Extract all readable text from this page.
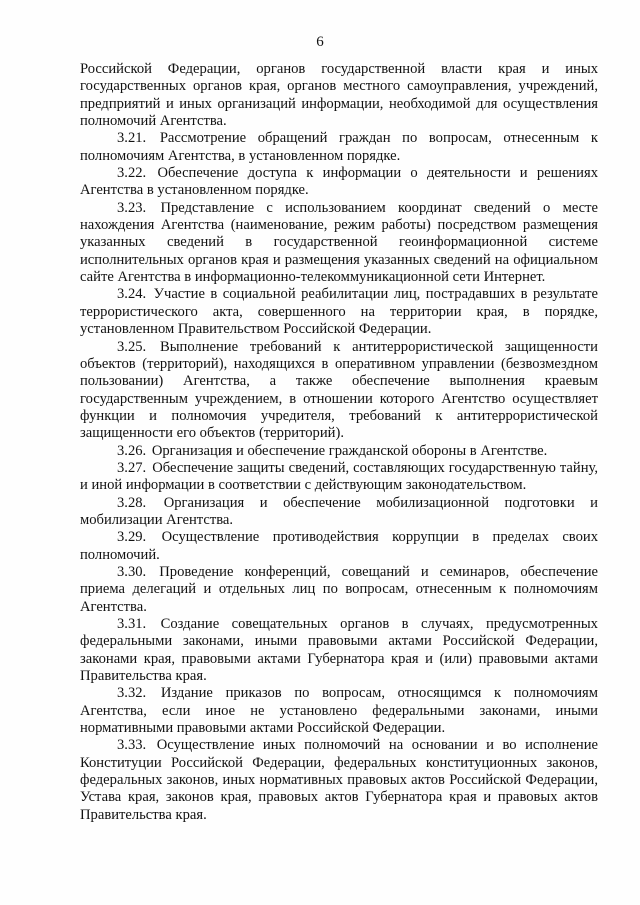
6

Российской Федерации, органов государственной власти края и иных государственных органов края, органов местного самоуправления, учреждений, предприятий и иных организаций информации, необходимой для осуществления полномочий Агентства.

3.21. Рассмотрение обращений граждан по вопросам, отнесенным к полномочиям Агентства, в установленном порядке.

3.22. Обеспечение доступа к информации о деятельности и решениях Агентства в установленном порядке.

3.23. Представление с использованием координат сведений о месте нахождения Агентства (наименование, режим работы) посредством размещения указанных сведений в государственной геоинформационной системе исполнительных органов края и размещения указанных сведений на официальном сайте Агентства в информационно-телекоммуникационной сети Интернет.

3.24. Участие в социальной реабилитации лиц, пострадавших в результате террористического акта, совершенного на территории края, в порядке, установленном Правительством Российской Федерации.

3.25. Выполнение требований к антитеррористической защищенности объектов (территорий), находящихся в оперативном управлении (безвозмездном пользовании) Агентства, а также обеспечение выполнения краевым государственным учреждением, в отношении которого Агентство осуществляет функции и полномочия учредителя, требований к антитеррористической защищенности его объектов (территорий).

3.26. Организация и обеспечение гражданской обороны в Агентстве.

3.27. Обеспечение защиты сведений, составляющих государственную тайну, и иной информации в соответствии с действующим законодательством.

3.28. Организация и обеспечение мобилизационной подготовки и мобилизации Агентства.

3.29. Осуществление противодействия коррупции в пределах своих полномочий.

3.30. Проведение конференций, совещаний и семинаров, обеспечение приема делегаций и отдельных лиц по вопросам, отнесенным к полномочиям Агентства.

3.31. Создание совещательных органов в случаях, предусмотренных федеральными законами, иными правовыми актами Российской Федерации, законами края, правовыми актами Губернатора края и (или) правовыми актами Правительства края.

3.32. Издание приказов по вопросам, относящимся к полномочиям Агентства, если иное не установлено федеральными законами, иными нормативными правовыми актами Российской Федерации.

3.33. Осуществление иных полномочий на основании и во исполнение Конституции Российской Федерации, федеральных конституционных законов, федеральных законов, иных нормативных правовых актов Российской Федерации, Устава края, законов края, правовых актов Губернатора края и правовых актов Правительства края.
